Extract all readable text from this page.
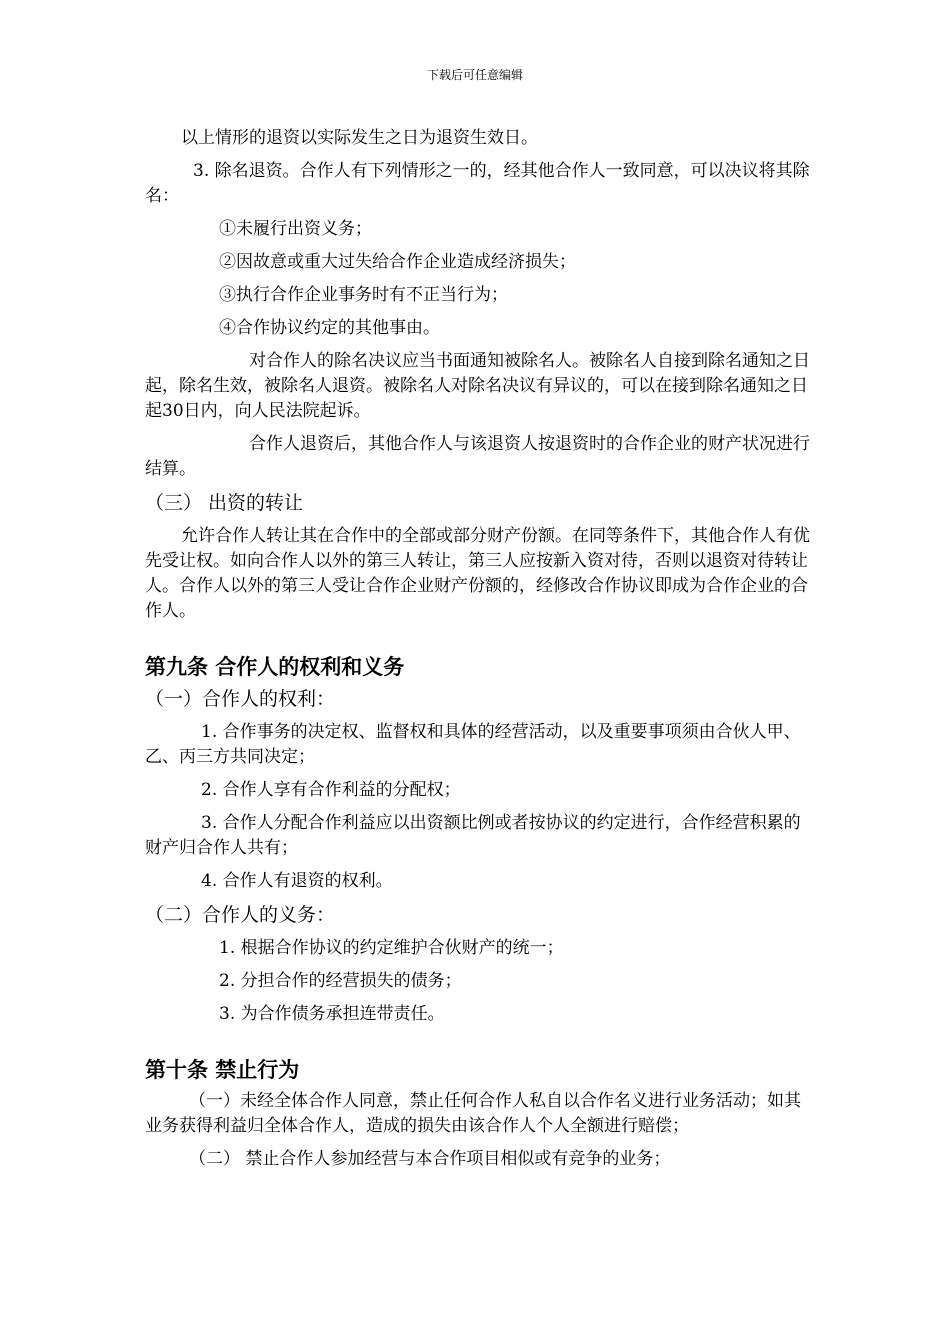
下载后可任意编辑

以上情形的退资以实际发生之日为退资生效日。

3. 除名退资。合作人有下列情形之一的，经其他合作人一致同意，可以决议将其除名：

①未履行出资义务；

②因故意或重大过失给合作企业造成经济损失；

③执行合作企业事务时有不正当行为；

④合作协议约定的其他事由。

对合作人的除名决议应当书面通知被除名人。被除名人自接到除名通知之日起，除名生效，被除名人退资。被除名人对除名决议有异议的，可以在接到除名通知之日起30日内，向人民法院起诉。

合作人退资后，其他合作人与该退资人按退资时的合作企业的财产状况进行结算。

（三） 出资的转让

允许合作人转让其在合作中的全部或部分财产份额。在同等条件下，其他合作人有优先受让权。如向合作人以外的第三人转让，第三人应按新入资对待，否则以退资对待转让人。合作人以外的第三人受让合作企业财产份额的，经修改合作协议即成为合作企业的合作人。

第九条 合作人的权利和义务

（一）合作人的权利：

1. 合作事务的决定权、监督权和具体的经营活动，以及重要事项须由合伙人甲、乙、丙三方共同决定；

2. 合作人享有合作利益的分配权；

3. 合作人分配合作利益应以出资额比例或者按协议的约定进行，合作经营积累的财产归合作人共有；

4. 合作人有退资的权利。

（二）合作人的义务：

1. 根据合作协议的约定维护合伙财产的统一；

2. 分担合作的经营损失的债务；

3. 为合作债务承担连带责任。

第十条 禁止行为

（一）未经全体合作人同意，禁止任何合作人私自以合作名义进行业务活动；如其业务获得利益归全体合作人，造成的损失由该合作人个人全额进行赔偿；

（二） 禁止合作人参加经营与本合作项目相似或有竞争的业务；
